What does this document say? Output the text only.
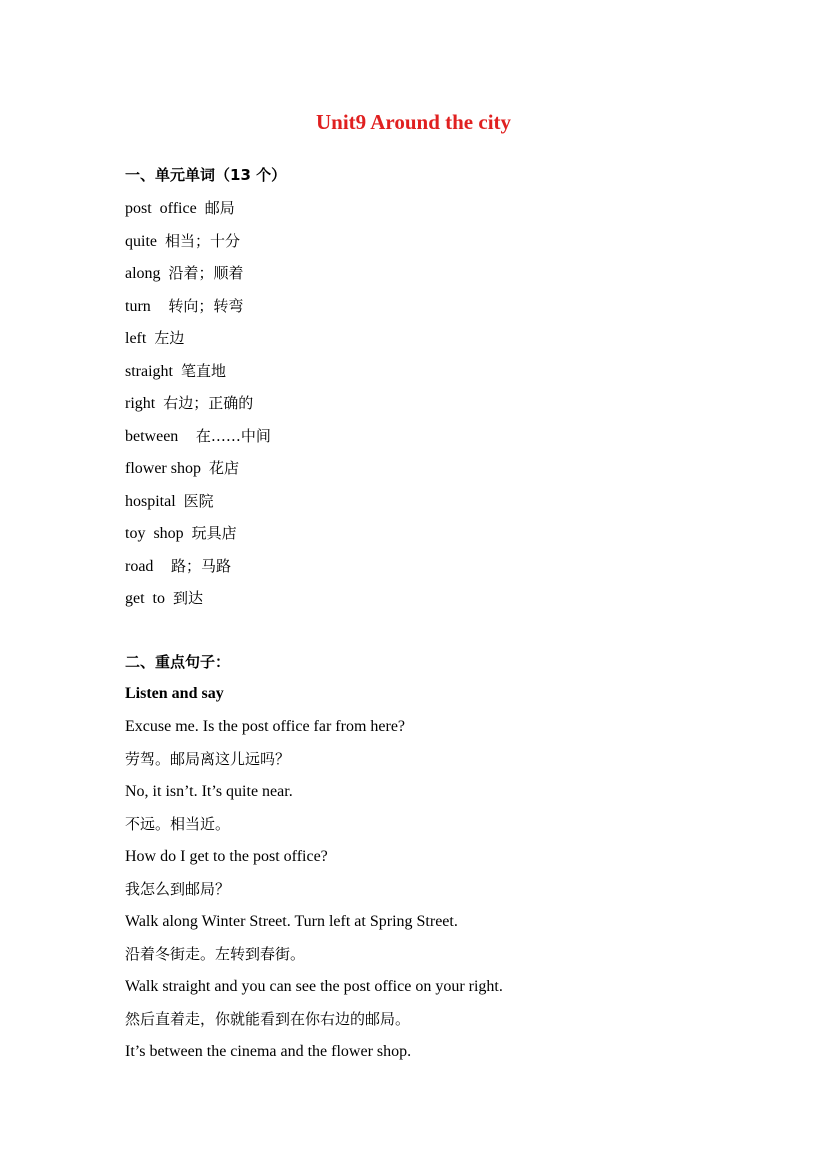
Unit9 Around the city
一、单元单词（13 个）
post  office 邮局
quite 相当；十分
along 沿着；顺着
turn  转向；转弯
left 左边
straight 笔直地
right 右边；正确的
between  在……中间
flower shop 花店
hospital 医院
toy  shop 玩具店
road  路；马路
get  to 到达
二、重点句子：
Listen and say
Excuse me. Is the post office far from here?
劳驾。邮局离这儿远吗？
No, it isn’t. It’s quite near.
不远。相当近。
How do I get to the post office?
我怎么到邮局？
Walk along Winter Street. Turn left at Spring Street.
沿着冬街走。左转到春街。
Walk straight and you can see the post office on your right.
然后直着走，你就能看到在你右边的邮局。
It’s between the cinema and the flower shop.
